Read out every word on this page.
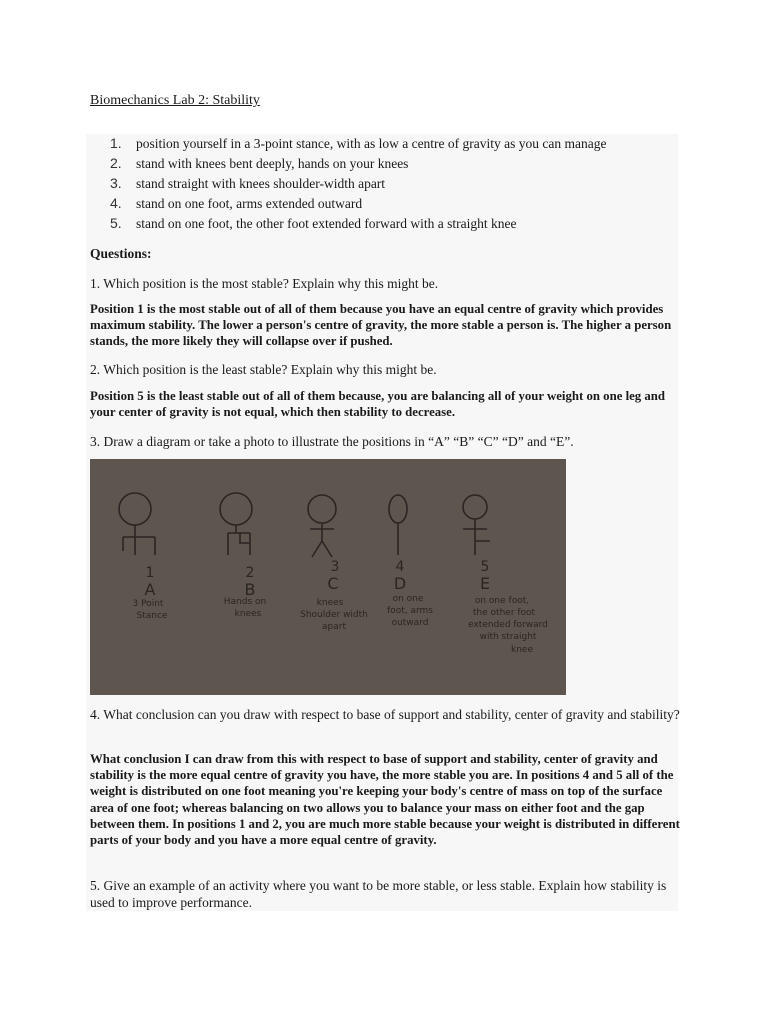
Biomechanics Lab 2: Stability
1.	position yourself in a 3-point stance, with as low a centre of gravity as you can manage
2.	stand with knees bent deeply, hands on your knees
3.	stand straight with knees shoulder-width apart
4.	stand on one foot, arms extended outward
5.	stand on one foot, the other foot extended forward with a straight knee
Questions:
1. Which position is the most stable? Explain why this might be.
Position 1 is the most stable out of all of them because you have an equal centre of gravity which provides maximum stability. The lower a person's centre of gravity, the more stable a person is. The higher a person stands, the more likely they will collapse over if pushed.
2. Which position is the least stable? Explain why this might be.
Position 5 is the least stable out of all of them because, you are balancing all of your weight on one leg and your center of gravity is not equal, which then stability to decrease.
3. Draw a diagram or take a photo to illustrate the positions in “A” “B” “C” “D” and “E”.
1
A
2
B
3
C
4
D
5
E
3 Point
Stance
Hands on
knees
knees
Shoulder width
apart
on one
foot, arms
outward
on one foot,
the other foot
extended forward
with straight
knee
4. What conclusion can you draw with respect to base of support and stability, center of gravity and stability?
What conclusion I can draw from this with respect to base of support and stability, center of gravity and stability is the more equal centre of gravity you have, the more stable you are. In positions 4 and 5 all of the weight is distributed on one foot meaning you're keeping your body's centre of mass on top of the surface area of one foot; whereas balancing on two allows you to balance your mass on either foot and the gap between them. In positions 1 and 2, you are much more stable because your weight is distributed in different parts of your body and you have a more equal centre of gravity.
5. Give an example of an activity where you want to be more stable, or less stable. Explain how stability is used to improve performance.
